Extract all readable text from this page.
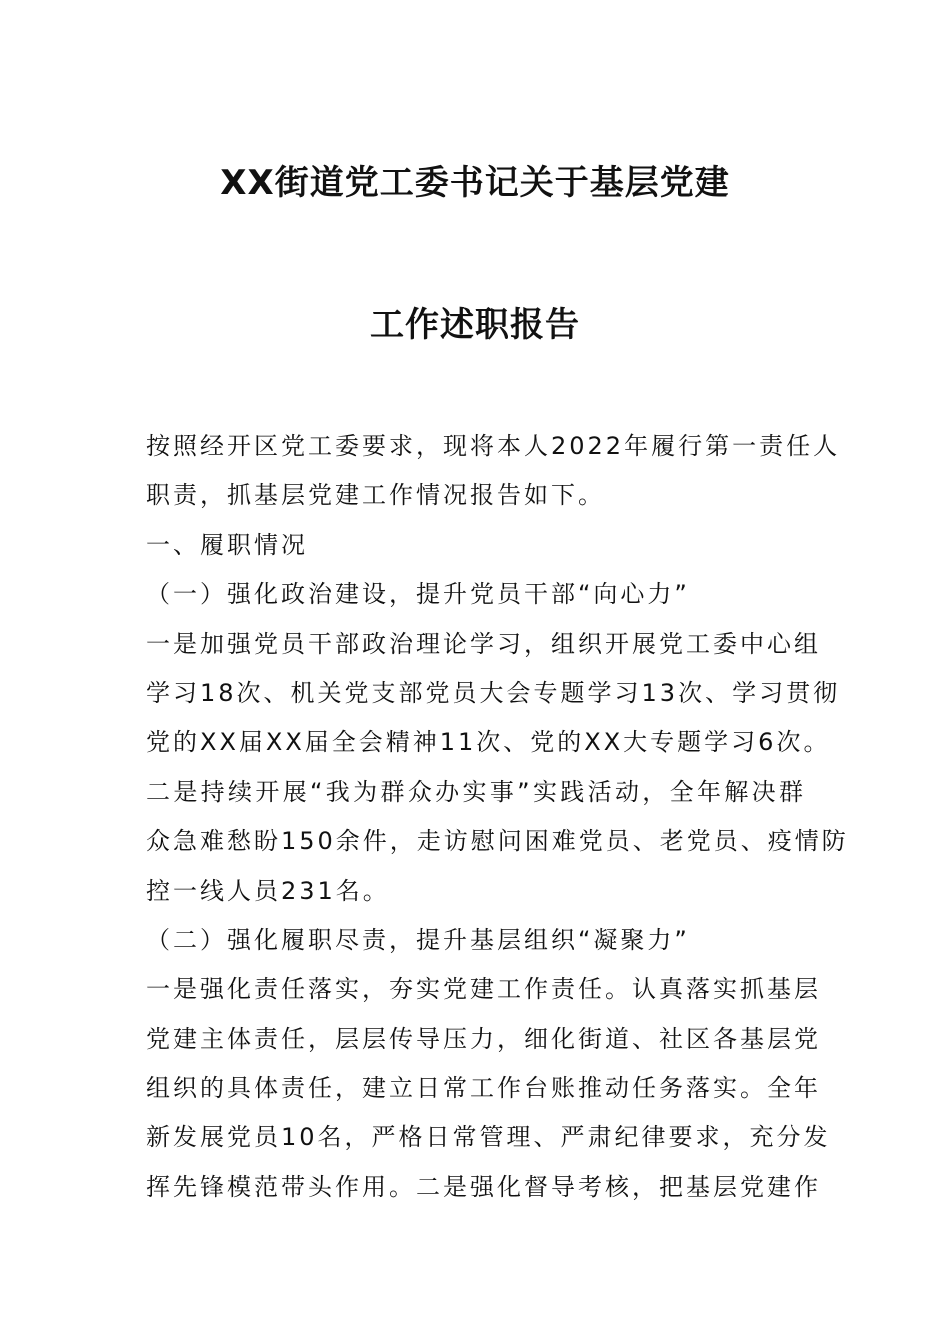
XX街道党工委书记关于基层党建
工作述职报告
按照经开区党工委要求，现将本人2022年履行第一责任人
职责，抓基层党建工作情况报告如下。
一、履职情况
（一）强化政治建设，提升党员干部“向心力”
一是加强党员干部政治理论学习，组织开展党工委中心组
学习18次、机关党支部党员大会专题学习13次、学习贯彻
党的XX届XX届全会精神11次、党的XX大专题学习6次。
二是持续开展“我为群众办实事”实践活动，全年解决群
众急难愁盼150余件，走访慰问困难党员、老党员、疫情防
控一线人员231名。
（二）强化履职尽责，提升基层组织“凝聚力”
一是强化责任落实，夯实党建工作责任。认真落实抓基层
党建主体责任，层层传导压力，细化街道、社区各基层党
组织的具体责任，建立日常工作台账推动任务落实。全年
新发展党员10名，严格日常管理、严肃纪律要求，充分发
挥先锋模范带头作用。二是强化督导考核，把基层党建作
